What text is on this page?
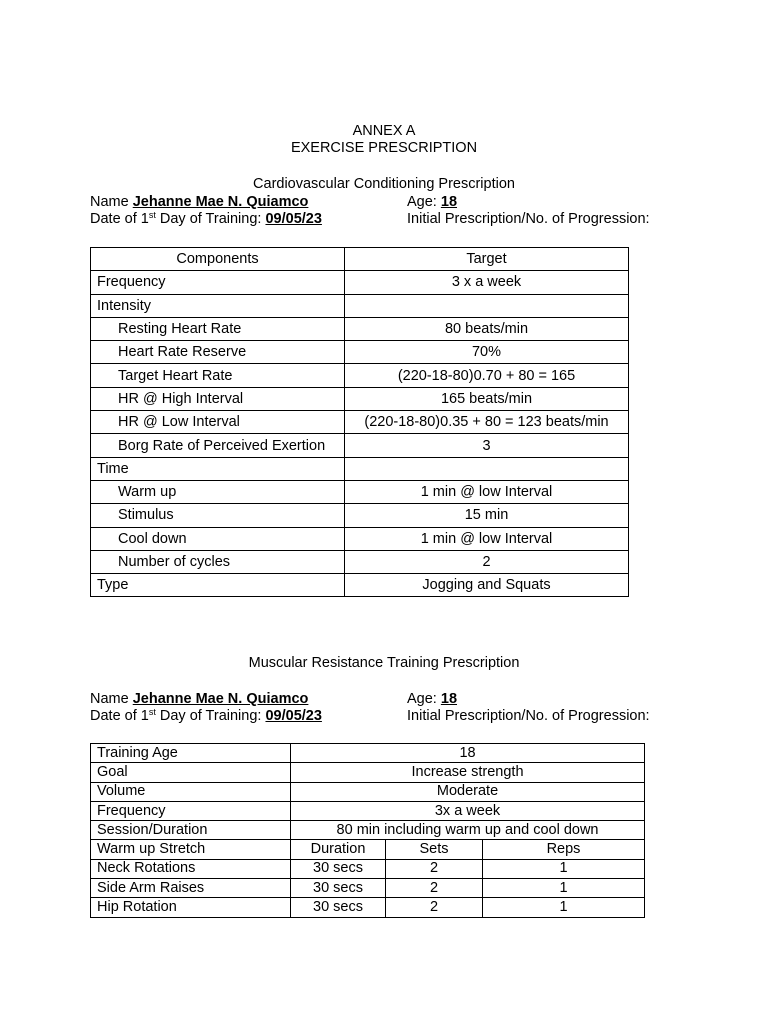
ANNEX A
EXERCISE PRESCRIPTION
Cardiovascular Conditioning Prescription
Name Jehanne Mae N. Quiamco	Age: 18
Date of 1st Day of Training: 09/05/23	Initial Prescription/No. of Progression:
Components	Target
Frequency	3 x a week
Intensity	
Resting Heart Rate	80 beats/min
Heart Rate Reserve	70%
Target Heart Rate	(220-18-80)0.70 + 80 = 165
HR @ High Interval	165 beats/min
HR @ Low Interval	(220-18-80)0.35 + 80 = 123 beats/min
Borg Rate of Perceived Exertion	3
Time	
Warm up	1 min @ low Interval
Stimulus	15 min
Cool down	1 min @ low Interval
Number of cycles	2
Type	Jogging and Squats
Muscular Resistance Training Prescription
Name Jehanne Mae N. Quiamco	Age: 18
Date of 1st Day of Training: 09/05/23	Initial Prescription/No. of Progression:
Training Age	18		
Goal	Increase strength		
Volume	Moderate		
Frequency	3x a week		
Session/Duration	80 min including warm up and cool down		
Warm up Stretch	Duration	Sets	Reps
Neck Rotations	30 secs	2	1
Side Arm Raises	30 secs	2	1
Hip Rotation	30 secs	2	1
